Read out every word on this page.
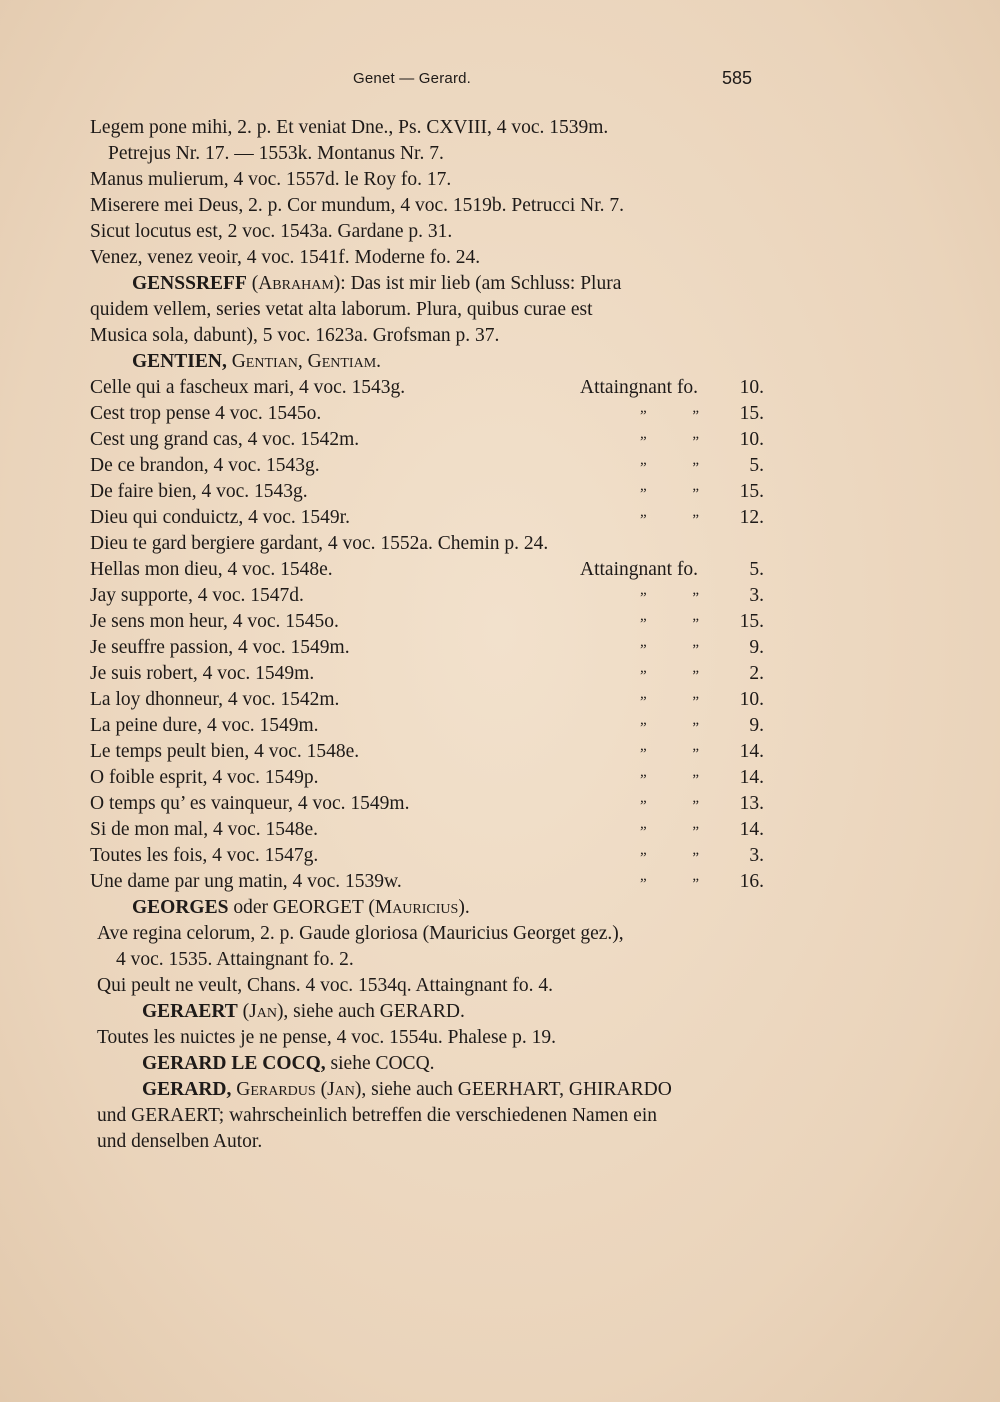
Genet — Gerard.	585
Legem pone mihi, 2. p. Et veniat Dne., Ps. CXVIII, 4 voc. 1539m.
Petrejus Nr. 17. — 1553k. Montanus Nr. 7.
Manus mulierum, 4 voc. 1557d. le Roy fo. 17.
Miserere mei Deus, 2. p. Cor mundum, 4 voc. 1519b. Petrucci Nr. 7.
Sicut locutus est, 2 voc. 1543a. Gardane p. 31.
Venez, venez veoir, 4 voc. 1541f. Moderne fo. 24.
GENSSREFF (Abraham): Das ist mir lieb (am Schluss: Plura
quidem vellem, series vetat alta laborum. Plura, quibus curae est
Musica sola, dabunt), 5 voc. 1623a. Grofsman p. 37.
GENTIEN, Gentian, Gentiam.
Celle qui a fascheux mari, 4 voc. 1543g.	Attaingnant fo.	10.
Cest trop pense 4 voc. 1545o.	” ”	15.
Cest ung grand cas, 4 voc. 1542m.	” ”	10.
De ce brandon, 4 voc. 1543g.	” ”	5.
De faire bien, 4 voc. 1543g.	” ”	15.
Dieu qui conduictz, 4 voc. 1549r.	” ”	12.
Dieu te gard bergiere gardant, 4 voc. 1552a. Chemin p. 24.
Hellas mon dieu, 4 voc. 1548e.	Attaingnant fo.	5.
Jay supporte, 4 voc. 1547d.	” ”	3.
Je sens mon heur, 4 voc. 1545o.	” ”	15.
Je seuffre passion, 4 voc. 1549m.	” ”	9.
Je suis robert, 4 voc. 1549m.	” ”	2.
La loy dhonneur, 4 voc. 1542m.	” ”	10.
La peine dure, 4 voc. 1549m.	” ”	9.
Le temps peult bien, 4 voc. 1548e.	” ”	14.
O foible esprit, 4 voc. 1549p.	” ”	14.
O temps qu’ es vainqueur, 4 voc. 1549m.	” ”	13.
Si de mon mal, 4 voc. 1548e.	” ”	14.
Toutes les fois, 4 voc. 1547g.	” ”	3.
Une dame par ung matin, 4 voc. 1539w.	” ”	16.
GEORGES oder GEORGET (Mauricius).
Ave regina celorum, 2. p. Gaude gloriosa (Mauricius Georget gez.),
4 voc. 1535. Attaingnant fo. 2.
Qui peult ne veult, Chans. 4 voc. 1534q. Attaingnant fo. 4.
GERAERT (Jan), siehe auch GERARD.
Toutes les nuictes je ne pense, 4 voc. 1554u. Phalese p. 19.
GERARD LE COCQ, siehe COCQ.
GERARD, Gerardus (Jan), siehe auch GEERHART, GHIRARDO
und GERAERT; wahrscheinlich betreffen die verschiedenen Namen ein
und denselben Autor.
